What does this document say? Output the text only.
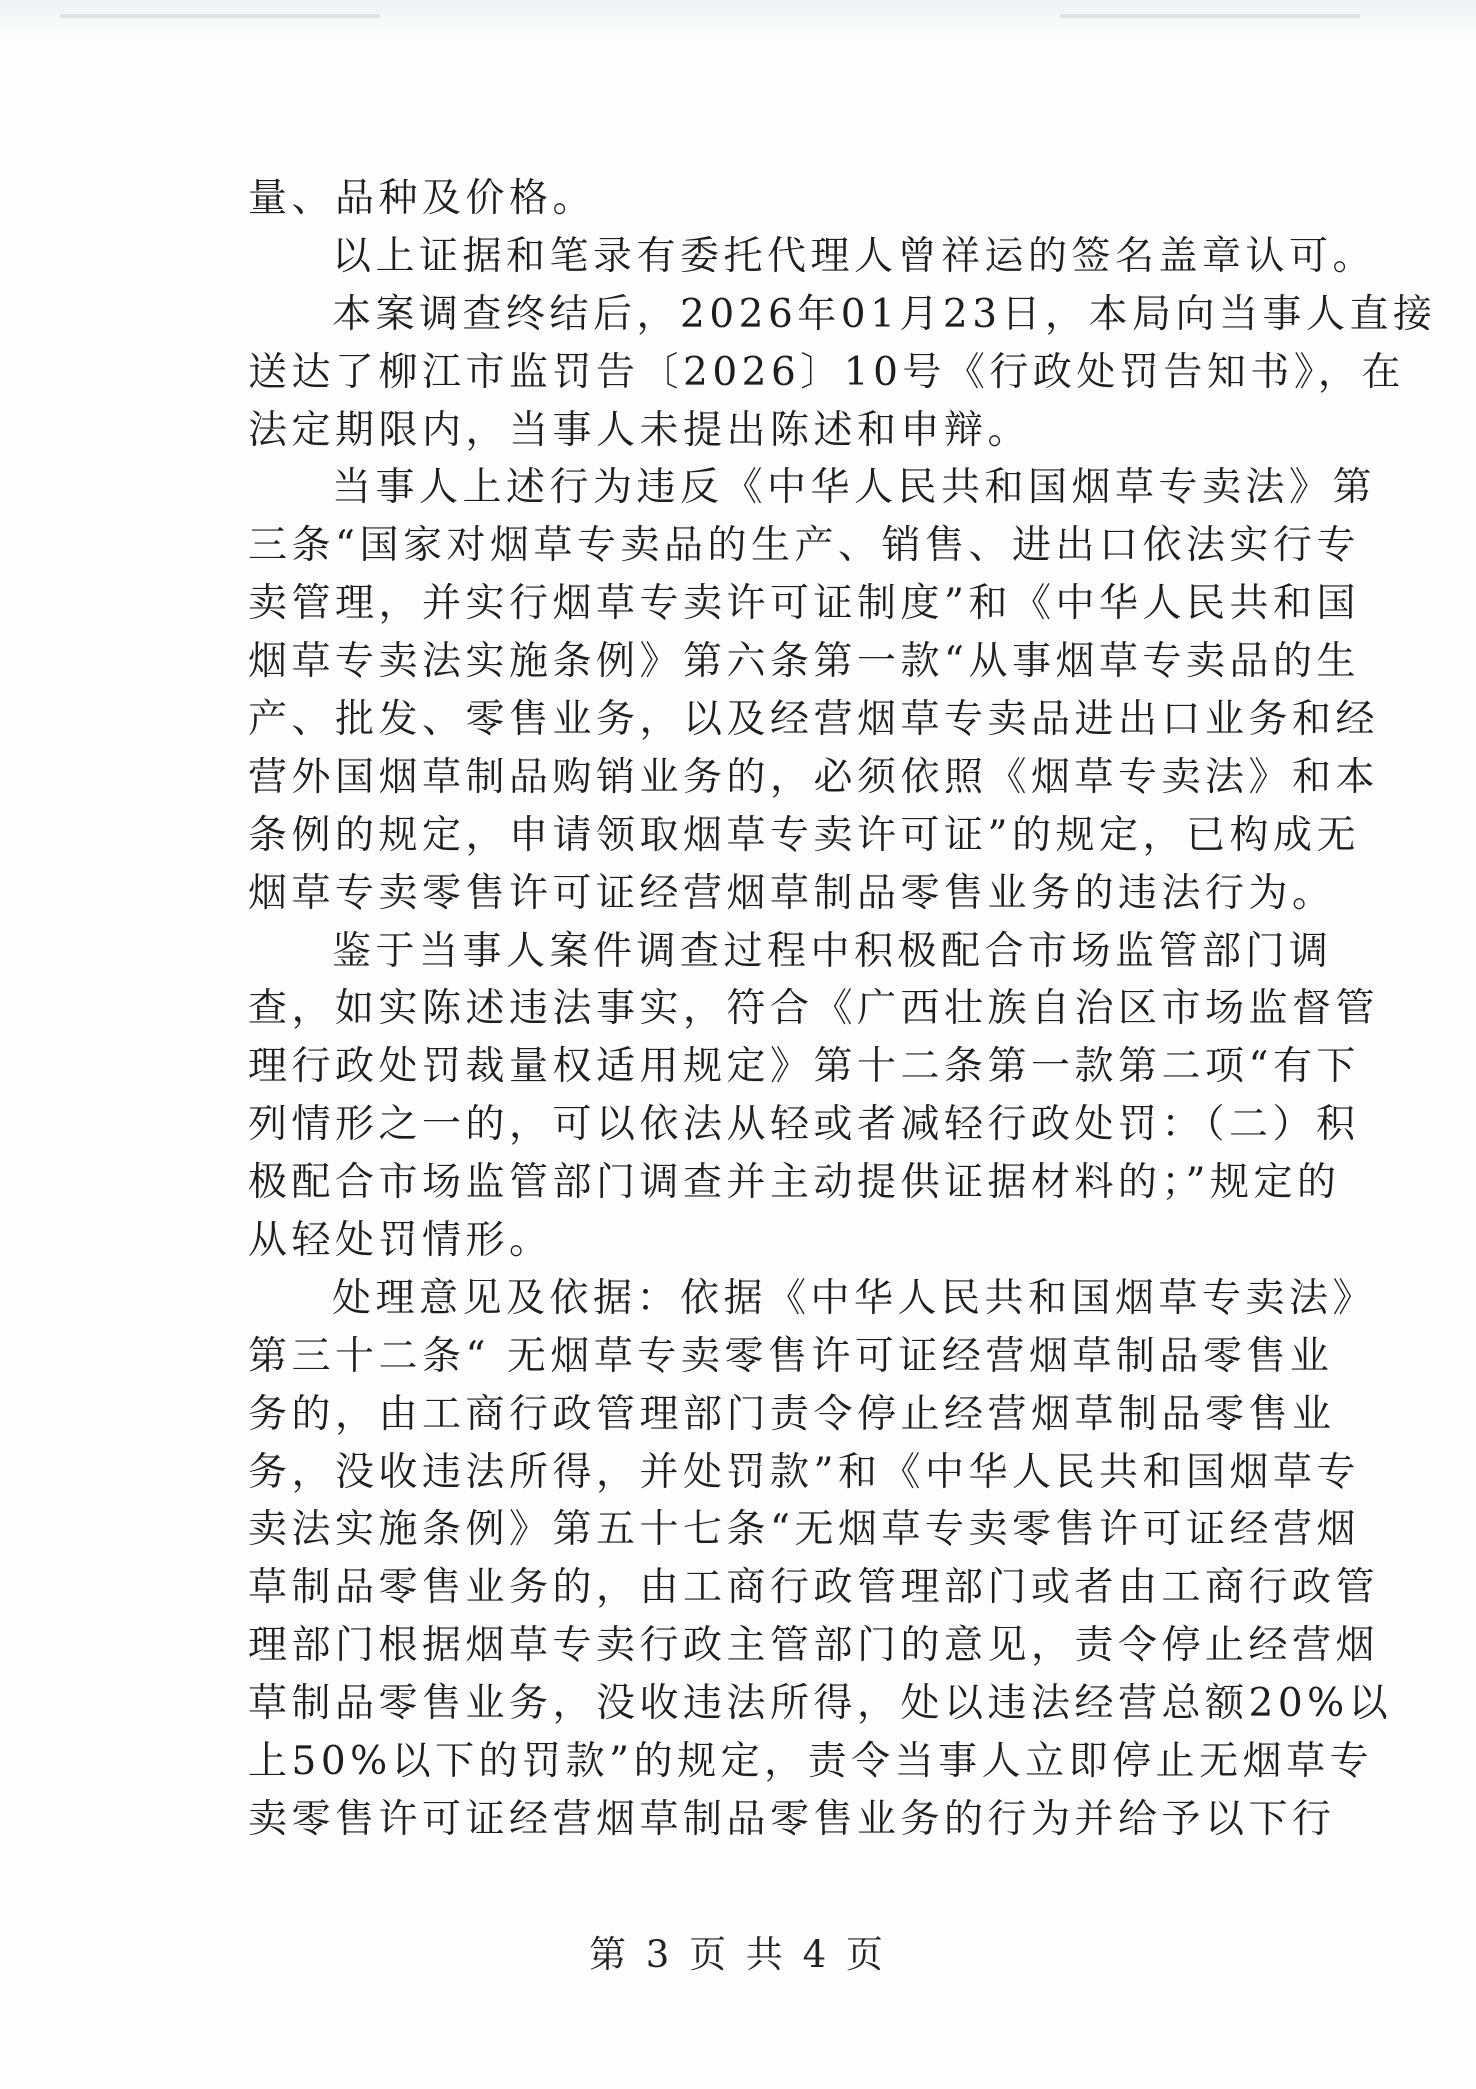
量、品种及价格。
以上证据和笔录有委托代理人曾祥运的签名盖章认可。
本案调查终结后，2026年01月23日，本局向当事人直接
送达了柳江市监罚告〔2026〕10号《行政处罚告知书》，在
法定期限内，当事人未提出陈述和申辩。
当事人上述行为违反《中华人民共和国烟草专卖法》第
三条“国家对烟草专卖品的生产、销售、进出口依法实行专
卖管理，并实行烟草专卖许可证制度”和《中华人民共和国
烟草专卖法实施条例》第六条第一款“从事烟草专卖品的生
产、批发、零售业务，以及经营烟草专卖品进出口业务和经
营外国烟草制品购销业务的，必须依照《烟草专卖法》和本
条例的规定，申请领取烟草专卖许可证”的规定，已构成无
烟草专卖零售许可证经营烟草制品零售业务的违法行为。
鉴于当事人案件调查过程中积极配合市场监管部门调
查，如实陈述违法事实，符合《广西壮族自治区市场监督管
理行政处罚裁量权适用规定》第十二条第一款第二项“有下
列情形之一的，可以依法从轻或者减轻行政处罚：（二）积
极配合市场监管部门调查并主动提供证据材料的；”规定的
从轻处罚情形。
处理意见及依据：依据《中华人民共和国烟草专卖法》
第三十二条“ 无烟草专卖零售许可证经营烟草制品零售业
务的，由工商行政管理部门责令停止经营烟草制品零售业
务，没收违法所得，并处罚款”和《中华人民共和国烟草专
卖法实施条例》第五十七条“无烟草专卖零售许可证经营烟
草制品零售业务的，由工商行政管理部门或者由工商行政管
理部门根据烟草专卖行政主管部门的意见，责令停止经营烟
草制品零售业务，没收违法所得，处以违法经营总额20%以
上50%以下的罚款”的规定，责令当事人立即停止无烟草专
卖零售许可证经营烟草制品零售业务的行为并给予以下行
第 3 页 共 4 页
